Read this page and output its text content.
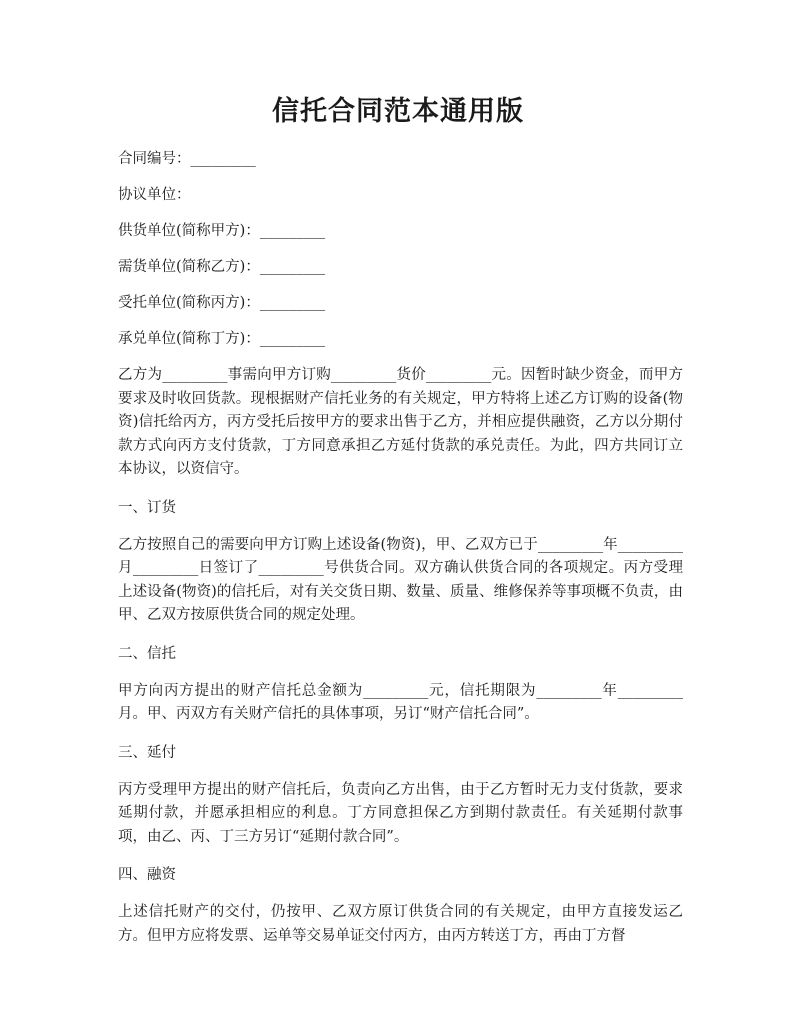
信托合同范本通用版

合同编号：_________

协议单位：

供货单位(简称甲方)：_________

需货单位(简称乙方)：_________

受托单位(简称丙方)：_________

承兑单位(简称丁方)：_________

乙方为_________事需向甲方订购_________货价_________元。因暂时缺少资金，而甲方要求及时收回货款。现根据财产信托业务的有关规定，甲方特将上述乙方订购的设备(物资)信托给丙方，丙方受托后按甲方的要求出售于乙方，并相应提供融资，乙方以分期付款方式向丙方支付货款，丁方同意承担乙方延付货款的承兑责任。为此，四方共同订立本协议，以资信守。

一、订货

乙方按照自己的需要向甲方订购上述设备(物资)，甲、乙双方已于_________年_________月_________日签订了_________号供货合同。双方确认供货合同的各项规定。丙方受理上述设备(物资)的信托后，对有关交货日期、数量、质量、维修保养等事项概不负责，由甲、乙双方按原供货合同的规定处理。

二、信托

甲方向丙方提出的财产信托总金额为_________元，信托期限为_________年_________月。甲、丙双方有关财产信托的具体事项，另订“财产信托合同”。

三、延付

丙方受理甲方提出的财产信托后，负责向乙方出售，由于乙方暂时无力支付货款，要求延期付款，并愿承担相应的利息。丁方同意担保乙方到期付款责任。有关延期付款事项，由乙、丙、丁三方另订“延期付款合同”。

四、融资

上述信托财产的交付，仍按甲、乙双方原订供货合同的有关规定，由甲方直接发运乙方。但甲方应将发票、运单等交易单证交付丙方，由丙方转送丁方，再由丁方督
